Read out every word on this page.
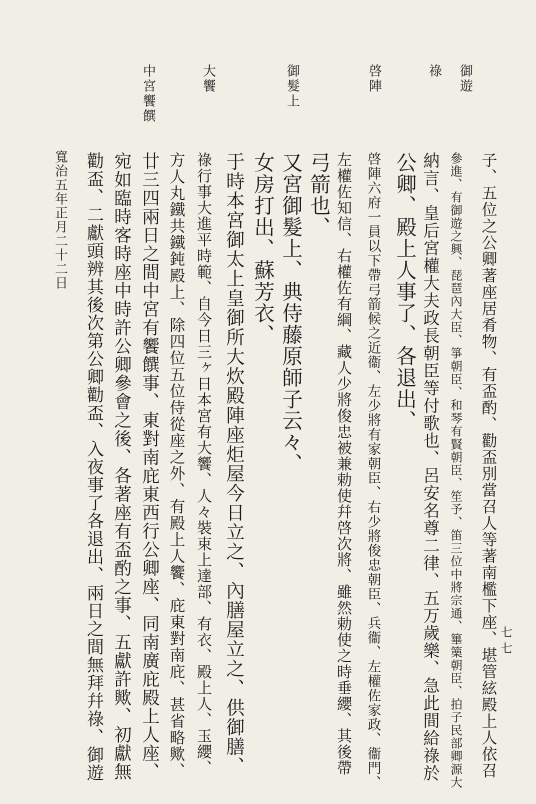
御遊
祿
啓陣
御髮上
大饗
中宮饗饌
子、五位之公卿著座居肴物、有盃酌、勸盃別當召人等著南檻下座、堪管絃殿上人依召
參進、有御遊之興、琵琶內大臣、箏朝臣、和琴有賢朝臣、笙予、笛三位中將宗通、篳篥朝臣、拍子民部卿源大
納言、皇后宮權大夫政長朝臣等付歌也、呂安名尊二律、五万歲樂、急此間給祿於
公卿、殿上人事了、各退出、
啓陣六府一員以下帶弓箭候之近衞、左少將有家朝臣、右少將俊忠朝臣、兵衞、左權佐家政、衞門、
左權佐知信、右權佐有綱、藏人少將俊忠被兼勅使幷啓次將、雖然勅使之時垂纓、其後帶
弓箭也、
又宮御髮上、典侍藤原師子云々、
女房打出、蘇芳衣、
于時本宮御太上皇御所大炊殿陣座炬屋今日立之、內膳屋立之、供御膳、
祿行事大進平時範、自今日三ヶ日本宮有大饗、人々裝束上達部、有衣、殿上人、玉纓、
方人丸鐵共鐵鈍殿上、除四位五位侍從座之外、有殿上人饗、庇東對南庇、甚省略歟、
廿三四兩日之間中宮有饗饌事、東對南庇東西行公卿座、同南廣庇殿上人座、
宛如臨時客時座中時許公卿參會之後、各著座有盃酌之事、五獻許歟、初獻無
勸盃、二獻頭辨其後次第公卿勸盃、入夜事了各退出、兩日之間無拜幷祿、御遊
寬治五年正月二十二日
七七
